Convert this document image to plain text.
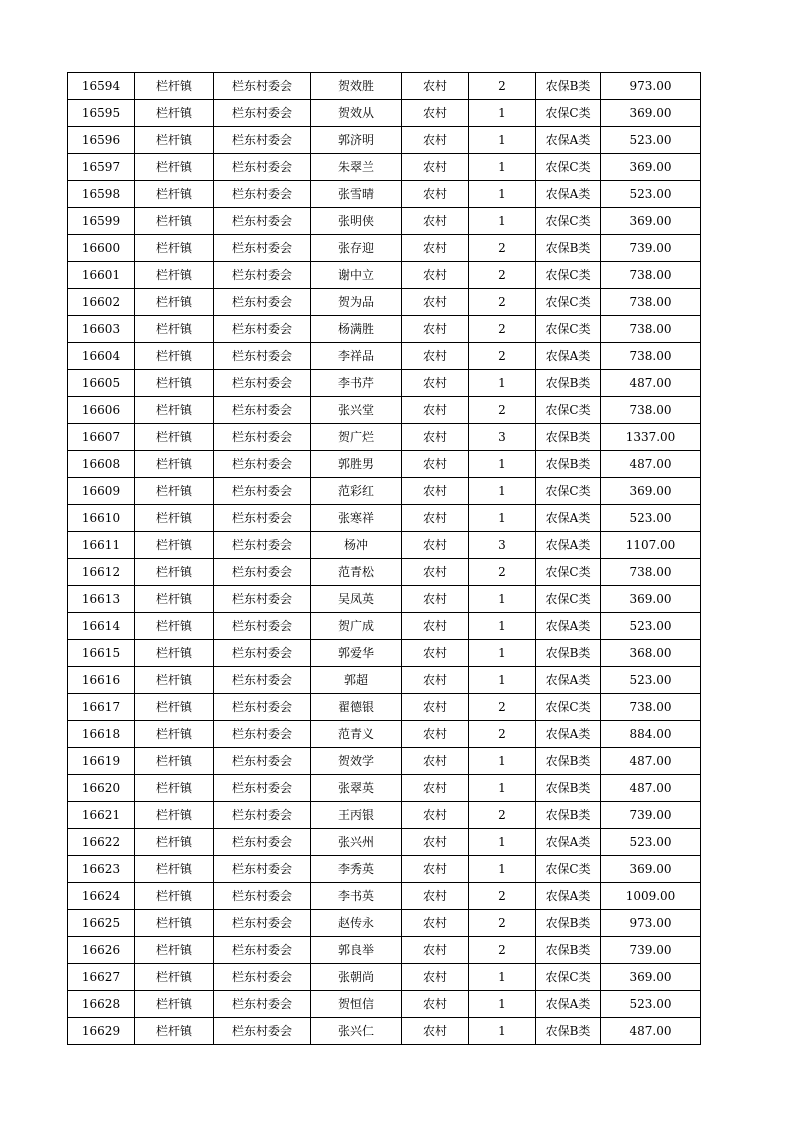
16594	栏杆镇	栏东村委会	贺效胜	农村	2	农保B类	973.00
16595	栏杆镇	栏东村委会	贺效从	农村	1	农保C类	369.00
16596	栏杆镇	栏东村委会	郭济明	农村	1	农保A类	523.00
16597	栏杆镇	栏东村委会	朱翠兰	农村	1	农保C类	369.00
16598	栏杆镇	栏东村委会	张雪晴	农村	1	农保A类	523.00
16599	栏杆镇	栏东村委会	张明侠	农村	1	农保C类	369.00
16600	栏杆镇	栏东村委会	张存迎	农村	2	农保B类	739.00
16601	栏杆镇	栏东村委会	谢中立	农村	2	农保C类	738.00
16602	栏杆镇	栏东村委会	贺为品	农村	2	农保C类	738.00
16603	栏杆镇	栏东村委会	杨满胜	农村	2	农保C类	738.00
16604	栏杆镇	栏东村委会	李祥品	农村	2	农保A类	738.00
16605	栏杆镇	栏东村委会	李书芹	农村	1	农保B类	487.00
16606	栏杆镇	栏东村委会	张兴堂	农村	2	农保C类	738.00
16607	栏杆镇	栏东村委会	贺广烂	农村	3	农保B类	1337.00
16608	栏杆镇	栏东村委会	郭胜男	农村	1	农保B类	487.00
16609	栏杆镇	栏东村委会	范彩红	农村	1	农保C类	369.00
16610	栏杆镇	栏东村委会	张寒祥	农村	1	农保A类	523.00
16611	栏杆镇	栏东村委会	杨冲	农村	3	农保A类	1107.00
16612	栏杆镇	栏东村委会	范青松	农村	2	农保C类	738.00
16613	栏杆镇	栏东村委会	吴凤英	农村	1	农保C类	369.00
16614	栏杆镇	栏东村委会	贺广成	农村	1	农保A类	523.00
16615	栏杆镇	栏东村委会	郭爱华	农村	1	农保B类	368.00
16616	栏杆镇	栏东村委会	郭超	农村	1	农保A类	523.00
16617	栏杆镇	栏东村委会	翟德银	农村	2	农保C类	738.00
16618	栏杆镇	栏东村委会	范青义	农村	2	农保A类	884.00
16619	栏杆镇	栏东村委会	贺效学	农村	1	农保B类	487.00
16620	栏杆镇	栏东村委会	张翠英	农村	1	农保B类	487.00
16621	栏杆镇	栏东村委会	王丙银	农村	2	农保B类	739.00
16622	栏杆镇	栏东村委会	张兴州	农村	1	农保A类	523.00
16623	栏杆镇	栏东村委会	李秀英	农村	1	农保C类	369.00
16624	栏杆镇	栏东村委会	李书英	农村	2	农保A类	1009.00
16625	栏杆镇	栏东村委会	赵传永	农村	2	农保B类	973.00
16626	栏杆镇	栏东村委会	郭良举	农村	2	农保B类	739.00
16627	栏杆镇	栏东村委会	张朝尚	农村	1	农保C类	369.00
16628	栏杆镇	栏东村委会	贺恒信	农村	1	农保A类	523.00
16629	栏杆镇	栏东村委会	张兴仁	农村	1	农保B类	487.00
